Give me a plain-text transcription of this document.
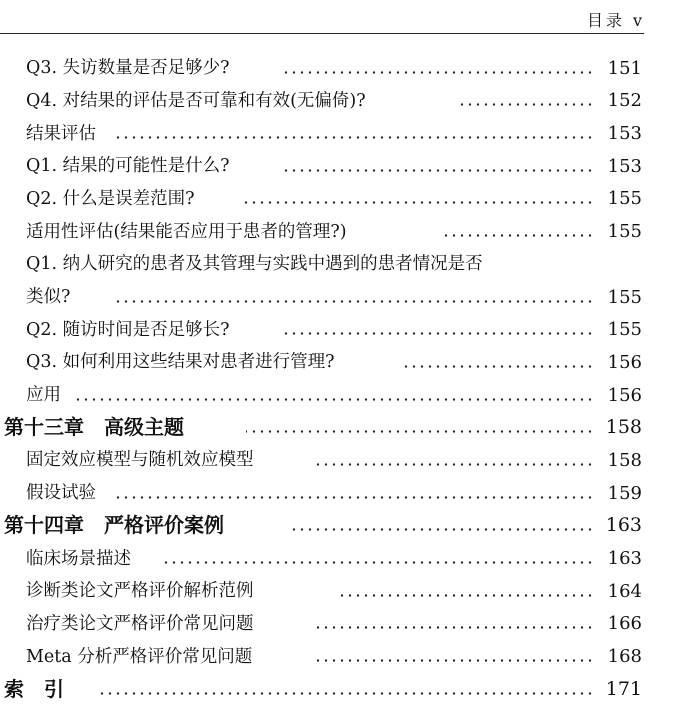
目录 v
Q3. 失访数量是否足够少?	151
Q4. 对结果的评估是否可靠和有效(无偏倚)?	152
结果评估	153
Q1. 结果的可能性是什么?	153
Q2. 什么是误差范围?	155
适用性评估(结果能否应用于患者的管理?)	155
Q1. 纳人研究的患者及其管理与实践中遇到的患者情况是否
类似?	155
Q2. 随访时间是否足够长?	155
Q3. 如何利用这些结果对患者进行管理?	156
应用	156
第十三章　高级主题	158
固定效应模型与随机效应模型	158
假设试验	159
第十四章　严格评价案例	163
临床场景描述	163
诊断类论文严格评价解析范例	164
治疗类论文严格评价常见问题	166
Meta 分析严格评价常见问题	168
索　引	171
